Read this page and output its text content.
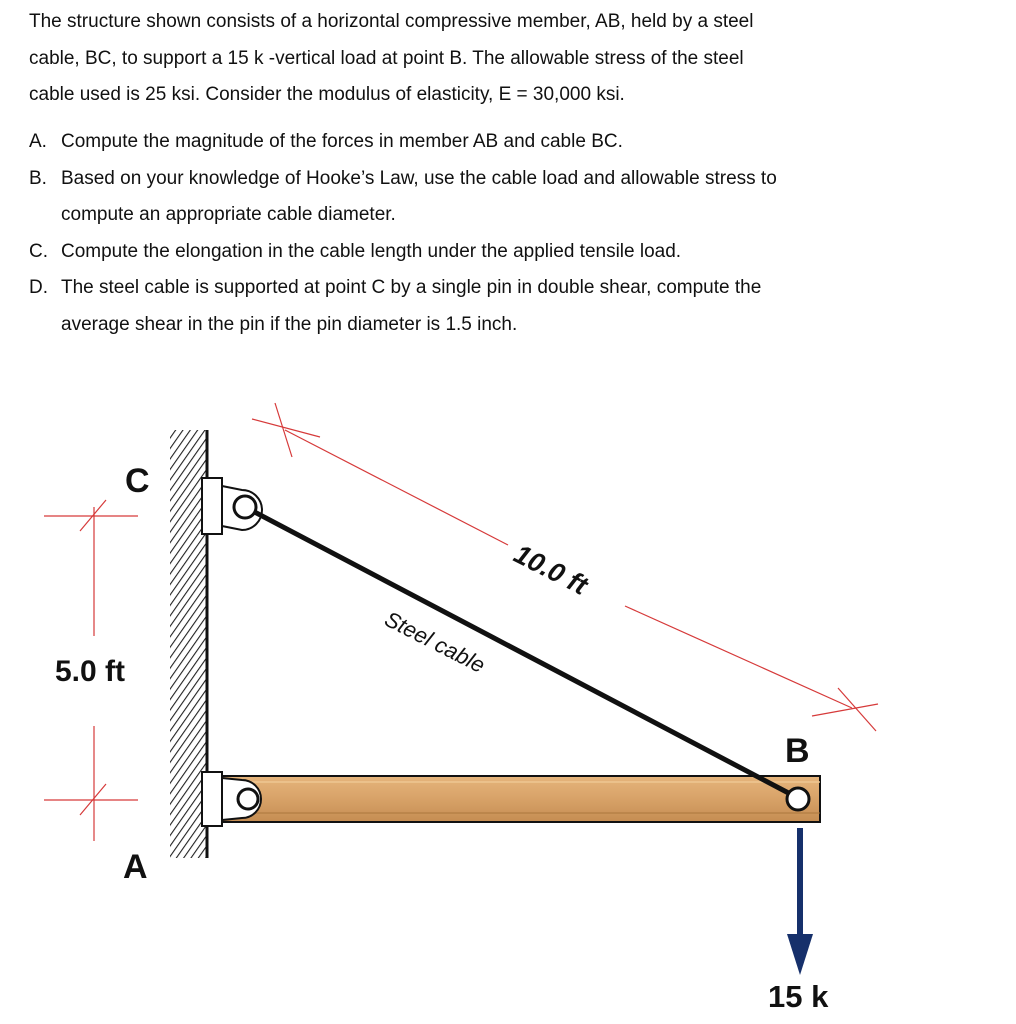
The structure shown consists of a horizontal compressive member, AB, held by a steel

cable, BC, to support a 15 k -vertical load at point B. The allowable stress of the steel

cable used is 25 ksi. Consider the modulus of elasticity, E = 30,000 ksi.

A. Compute the magnitude of the forces in member AB and cable BC.
B. Based on your knowledge of Hooke’s Law, use the cable load and allowable stress to
compute an appropriate cable diameter.
C. Compute the elongation in the cable length under the applied tensile load.
D. The steel cable is supported at point C by a single pin in double shear, compute the
average shear in the pin if the pin diameter is 1.5 inch.
C
A
B
5.0 ft
15 k
10.0 ft
Steel cable
